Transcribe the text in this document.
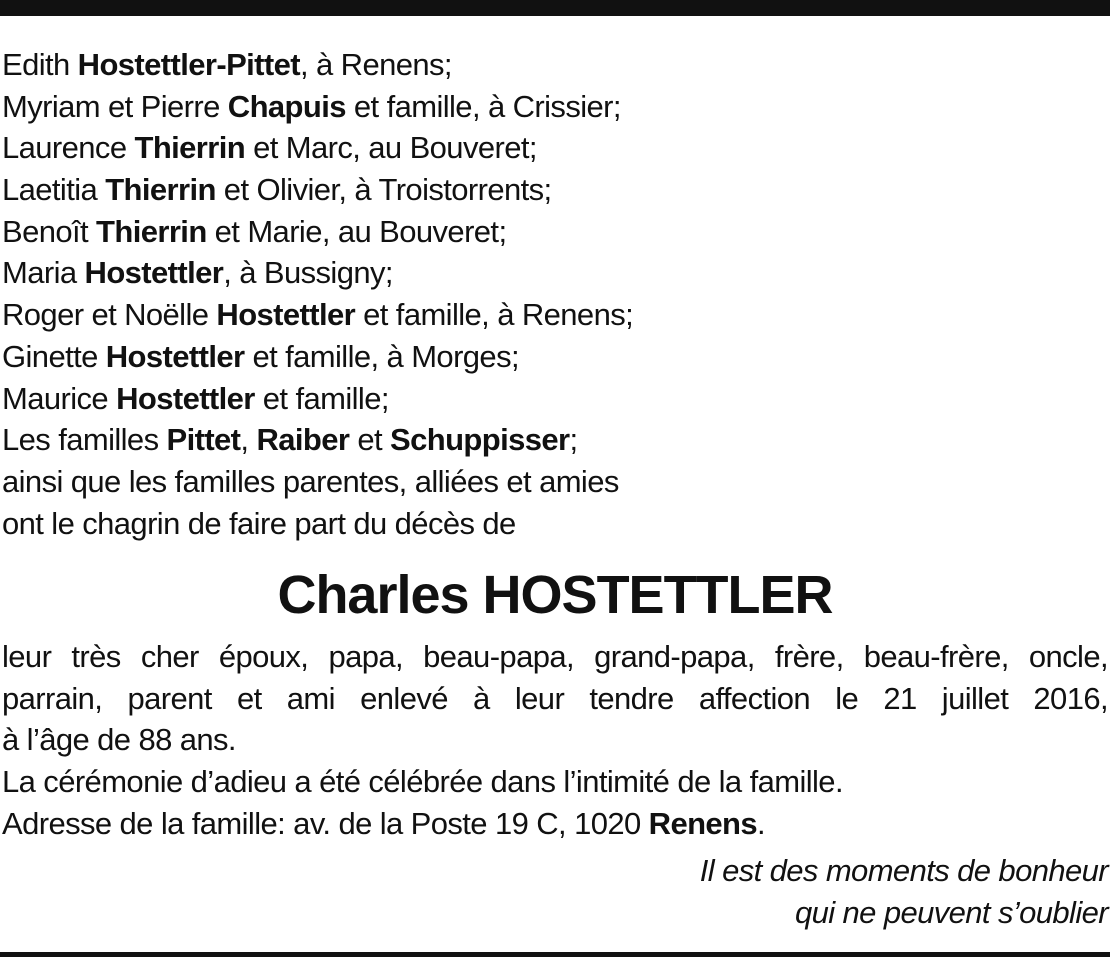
Edith Hostettler-Pittet, à Renens;
Myriam et Pierre Chapuis et famille, à Crissier;
Laurence Thierrin et Marc, au Bouveret;
Laetitia Thierrin et Olivier, à Troistorrents;
Benoît Thierrin et Marie, au Bouveret;
Maria Hostettler, à Bussigny;
Roger et Noëlle Hostettler et famille, à Renens;
Ginette Hostettler et famille, à Morges;
Maurice Hostettler et famille;
Les familles Pittet, Raiber et Schuppisser;
ainsi que les familles parentes, alliées et amies
ont le chagrin de faire part du décès de
Charles HOSTETTLER
leur très cher époux, papa, beau-papa, grand-papa, frère, beau-frère, oncle,
parrain, parent et ami enlevé à leur tendre affection le 21 juillet 2016,
à l’âge de 88 ans.
La cérémonie d’adieu a été célébrée dans l’intimité de la famille.
Adresse de la famille: av. de la Poste 19 C, 1020 Renens.
Il est des moments de bonheur
qui ne peuvent s’oublier
